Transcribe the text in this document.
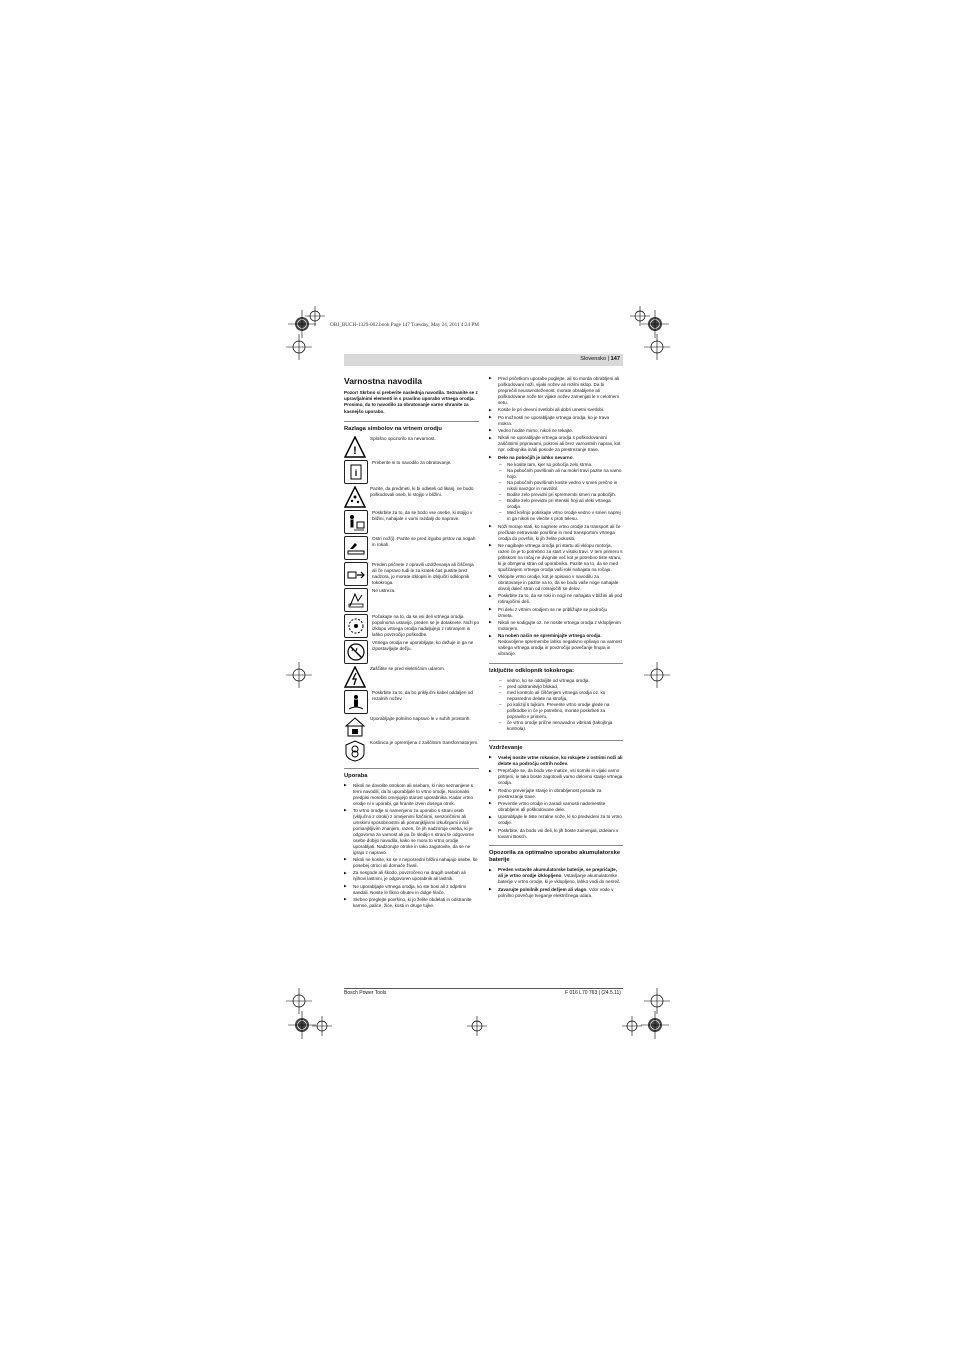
OBJ_BUCH-1329-002.book Page 147 Tuesday, May 24, 2011 4:24 PM
Slovensko | 147
Varnostna navodila

Pozor! Skrbno si preberite naslednja navodila. Seznanite se z upravljalnimi elementi in s pravilno uporabo vrtnega orodja. Prosimo, da to navodilo za obratovanje varno shranite za kasnejšo uporabo.

Razlaga simbolov na vrtnem orodju
!
Splošno opozorilo na nevarnost.
i
Preberite si to navodilo za obratovanje.
Pazite, da predmeti, ki bi odleteli od likanj, ne bodo poškodovali oseb, ki stojijo v bližini.
Poskrbite za to, da se bodo vse osebe, ki stojijo v bližini, nahajale v varni razdalji do naprave.
Ostri nož(i). Pazite se pred izgubo prstov na nogah in rokah.
Preden pričnete z opravili uzdrževanja ali čiščenja ali če napravo tudi le za kratek čas pustite brez nadzora, jo morate izklopiti in izključiti odklopnik tokokroga.
Ne ustreza.
Počakajte na to, da se vsi deli vrtnega orodja popolnoma ustavijo, preden se je dotaknete. Noži po izklopu vrtnega orodja nadaljujejo z rotiranjem in lahko povzročijo poškodbe.
Vrtnega orodja ne uporabljajte, ko dežuje in ga ne izpostavljajte dežju.
Zaščitite se pred električnim udarom.
Poskrbite za to, da bo priključni kabel oddaljen od rezalnih nožev.
Uporabljajte polnilno napravo le v suhih prostorih.
Koslinica je opremljena z zaščitnim transformatorjem.
Uporaba
▶ Nikoli ne dovolite otrokom ali osebam, ki niso seznanjene s temi navodili, da bi uporabljale to vrtno orodje. Nacionalni predpisi morebiti omejujejo starost uporabnika. Kadar vrtno orodje ni v uporabi, ga hranite izven dosega otrok.
▶ To vrtno orodje ni namenjeno za uporabo s strani oseb (vključno z otroki) z omejenimi fizičnimi, senzoričnimi ali umskimi sposobnostmi ali pomanjkljivimi izkušnjami in/ali pomanjkljivim znanjem, razen, če jih nadzoruje oseba, ki je odgovorna za varnost ali pa če sledijo s strani te odgovorne osebe dobijo navodila, kako se mora to vrtno orodje uporabljati. Nadzorujte otroke in tako zagotovite, da se ne igrajo z napravo.
▶ Nikoli ne kosite, ko se v neposredni bližini nahajajo osebe, še posebej otroci ali domače živali.
▶ Za nesgode ali škodo, povzročeno na drugih osebah ali njihovi lastnini, je odgovoren uporabnik ali lastnik.
▶ Ne uporabljajte vrtnega orodja, ko ste bosi ali z odprtimi sandali. Nosite le fikno obutev in dolge hlače.
▶ Skrbno preglejte površino, ki jo želite obdelati in odstranite kamne, palice, žice, kosti in druge tujke.
▶ Pred pričetkom uporabe poglejte, ali so morda obrabljeni ali poškodovani noži, vijaki nožev ali rezilni sklop. Da bi preprečili neuravnoteženost, morate obrabljene ali poškodovane nože ter vijake nožev zamenjati le v celotnem setu.
▶ Kosite le pri dnevni svetlobi ali dobri umetni svetlobi.
▶ Po možnosti ne uporabljajte vrtnega orodja, ko je trava mokra.
▶ Vedno hodite mirno, nikoli ne tekajte.
▶ Nikoli ne uporabljajte vrtnega orodja s poškodovanimi zaščitnimi pripravami, pokrovi ali brez varnostnih naprav, kot npr. odbojnika in/ali posode za prestrezanje trave.
▶ Delo na pobočjih je lahko nevarno.
– Ne kosite tam, kjer so pobočja zelo strma.
– Na pobočnih površinah ali na mokri travi pazite na varno hojo.
– Na pobočnih površinah kosite vedno v smeri prečno in nikoli navzgor in navzdol.
– Bodite zelo previdni pri spremembi smeri na pobočjih.
– Bodite zelo previdni pri ritenski hoji ali vleki vrtnega orodja.
– Med košnjo potiskajte vrtno orodje vedno v smeri naprej in ga nikoli ne vlecite s proti telesu.
▶ Noži morajo stati, ko nagnete vrtno orodje za transport ali če prečkate netravnate površine in med transportom vrtnega orodja do površin, ki jih želite pokositi.
▶ Ne nagibajte vrtnega orodja pri startu ali vklopu motorja, razen če je to potrebno za start v visoki travi. V tem primeru s pritiskom na ročaj ne dvignite več kot je potrebno tiste strani, ki je obrnjena stran od uporabnika. Pazite na to, da se med spuščanjem vrtnega orodja vaši roki nahajata na ročaju.
▶ Vklopite vrtno orodje, kot je opisano v navodilu za obratovanje in pazite na to, da se bodo vaše noge nahajale dovolj daleč stran od rotirajočih se delov.
▶ Poskrbite za to, da se roki in nogi ne nahajata v bližini ali pod rotirajočimi deli.
▶ Pri delu z vrtnim orodjem se ne približujte se področju izmeta.
▶ Nikoli ne sodigujte oz. ne nosite vrtnega orodja z vklopljenim motorjem.
▶ Na noben način ne spreminjajte vrtnega orodja. Nedovoljene spremembe lahko negativno vplivajo na varnost vašega vrtnega orodja in povzročijo povečanje hrupa in vibracije.
Izključite odklopnik tokokroga:
– vedno, ko se oddaljite od vrtnega orodja,
– pred odstranitvijo blokad,
– med kontrolo ali čiščenjem vrtnega orodja oz. ko neposredno delate na strošju,
– po koliziji s tujkom. Preverite vrtno orodje glede na poškodbe in če je potrebno, morate poskrbeti za popravilo v primeru,
– če vrtno orodje prične nenavadno vibrirati (takojšnja kontrola).
Vzdrževanje
▶ Vselej nosite vrtne rokavice, ko rokujete z ostrimi noži ali delate na področju ostrih nožev.
▶ Preprčajte se, da bodo vse matice, vsi sorniki in vijaki varno pritrjeni, le tako boste zagotovili varno delovno stanje vrtnega orodja.
▶ Redno preverjajte stanje in obrabljenost posode za prestrezanje trave.
▶ Preventie vrtno orodje in zaradi varnosti nadomestite obrabljene ali poškodovane dele.
▶ Uporabljajte le tiste rezalne nože, ki so predvideni za to vrtno orodje.
▶ Poskrbite, da bodo vsi deli, ki jih boste zamenjali, izdelani v tovarni Bosch.
Opozorila za optimalno uporabo akumulatorske baterije
▶ Preden vstavite akumulatorske baterije, se prepričajte, ali je vrtno orodje izklopljeno. Vstavljanje akumulatorske baterije v vrtno orodje, ki je vklopljeno, lahko vodi do nesreč.
▶ Zavarujte polnilnik pred dežjem ali vlago. Vdor vode v polnilno povečuje tveganje električnega udara.
Bosch Power Tools	F 016 L70 763 | (24.5.11)
